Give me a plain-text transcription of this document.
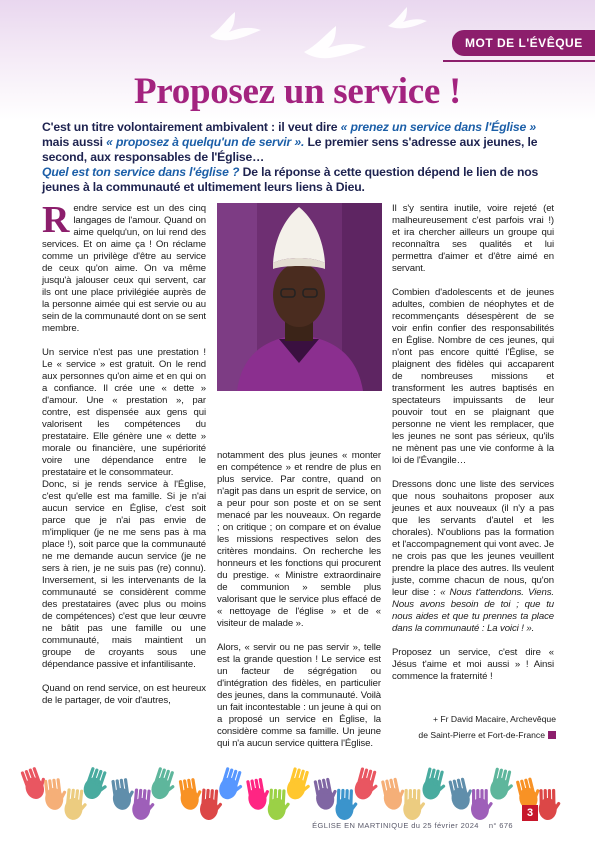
MOT DE L'ÉVÊQUE
Proposez un service !
C'est un titre volontairement ambivalent : il veut dire « prenez un service dans l'Église » mais aussi « proposez à quelqu'un de servir ». Le premier sens s'adresse aux jeunes, le second, aux responsables de l'Église…
Quel est ton service dans l'église ? De la réponse à cette question dépend le lien de nos jeunes à la communauté et ultimement leurs liens à Dieu.

Rendre service est un des cinq langages de l'amour. Quand on aime quelqu'un, on lui rend des services. Et on aime ça ! On réclame comme un privilège d'être au service de ceux qu'on aime. On va même jusqu'à jalouser ceux qui servent, car ils ont une place privilégiée auprès de la personne aimée qui est servie ou au sein de la communauté dont on se sent membre.

Un service n'est pas une prestation ! Le « service » est gratuit. On le rend aux personnes qu'on aime et en qui on a confiance. Il crée une « dette » d'amour. Une « prestation », par contre, est dispensée aux gens qui valorisent les compétences du prestataire. Elle génère une « dette » morale ou financière, une supériorité voire une dépendance entre le prestataire et le consommateur.

Donc, si je rends service à l'Église, c'est qu'elle est ma famille. Si je n'ai aucun service en Église, c'est soit parce que je n'ai pas envie de m'impliquer (je ne me sens pas à ma place !), soit parce que la communauté ne me demande aucun service (je ne sers à rien, je ne suis pas (re) connu). Inversement, si les intervenants de la communauté se considèrent comme des prestataires (avec plus ou moins de compétences) c'est que leur œuvre ne bâtit pas une famille ou une communauté, mais maintient un groupe de croyants sous une dépendance passive et infantilisante.

Quand on rend service, on est heureux de le partager, de voir d'autres,

notamment des plus jeunes « monter en compétence » et rendre de plus en plus service. Par contre, quand on n'agit pas dans un esprit de service, on a peur pour son poste et on se sent menacé par les nouveaux. On regarde ; on critique ; on compare et on évalue les missions respectives selon des critères mondains. On recherche les honneurs et les fonctions qui procurent du prestige. « Ministre extraordinaire de communion » semble plus valorisant que le service plus effacé de « nettoyage de l'église » et de « visiteur de malade ».

Alors, « servir ou ne pas servir », telle est la grande question ! Le service est un facteur de ségrégation ou d'intégration des fidèles, en particulier des jeunes, dans la communauté. Voilà un fait incontestable : un jeune à qui on a proposé un service en Église, la considère comme sa famille. Un jeune qui n'a aucun service quittera l'Église.

Il s'y sentira inutile, voire rejeté (et malheureusement c'est parfois vrai !) et ira chercher ailleurs un groupe qui reconnaîtra ses qualités et lui permettra d'aimer et d'être aimé en servant.

Combien d'adolescents et de jeunes adultes, combien de néophytes et de recommençants désespèrent de se voir enfin confier des responsabilités en Église. Nombre de ces jeunes, qui n'ont pas encore quitté l'Église, se plaignent des fidèles qui accaparent de nombreuses missions et transforment les autres baptisés en spectateurs impuissants de leur pouvoir tout en se plaignant que personne ne vient les remplacer, que les jeunes ne sont pas sérieux, qu'ils ne mènent pas une vie conforme à la loi de l'Évangile…

Dressons donc une liste des services que nous souhaitons proposer aux jeunes et aux nouveaux (il n'y a pas que les servants d'autel et les chorales). N'oublions pas la formation et l'accompagnement qui vont avec. Je ne crois pas que les jeunes veuillent prendre la place des autres. Ils veulent juste, comme chacun de nous, qu'on leur dise : « Nous t'attendons. Viens. Nous avons besoin de toi ; que tu nous aides et que tu prennes ta place dans la communauté : La voici ! ».

Proposez un service, c'est dire « Jésus t'aime et moi aussi » ! Ainsi commence la fraternité !

+ Fr David Macaire, Archevêque
de Saint-Pierre et Fort-de-France
ÉGLISE EN MARTINIQUE du 25 février 2024 n° 676
3
